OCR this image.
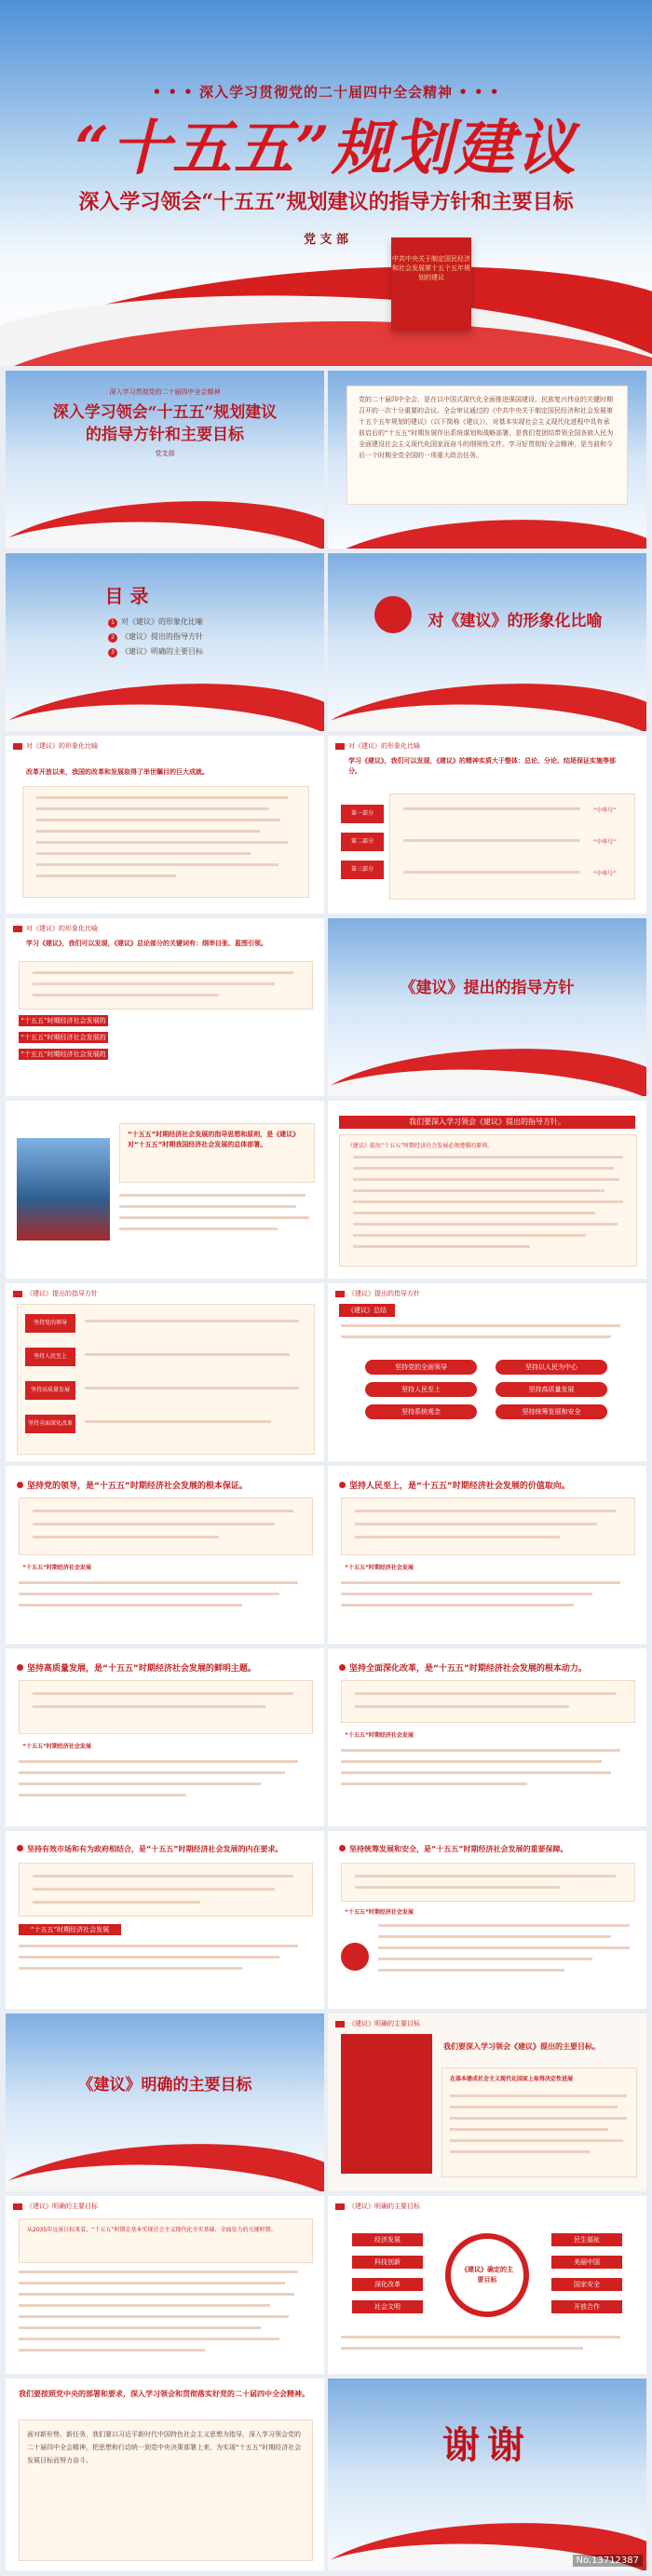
中共中央关于制定国民经济和社会发展第十五个五年规划的建议
• • • 深入学习贯彻党的二十届四中全会精神 • • •
“十五五”规划建议
深入学习领会“十五五”规划建议的指导方针和主要目标
党 支 部
深入学习贯彻党的二十届四中全会精神
深入学习领会“十五五”规划建议
的指导方针和主要目标
党支部
党的二十届四中全会，是在以中国式现代化全面推进强国建设、民族复兴伟业的关键时期召开的一次十分重要的会议。全会审议通过的《中共中央关于制定国民经济和社会发展第十五个五年规划的建议》（以下简称《建议》），对基本实现社会主义现代化进程中具有承前启后的“十五五”时期发展作出系统谋划和战略部署，是我们党团结带领全国各族人民为全面建设社会主义现代化国家而奋斗的纲领性文件。学习好贯彻好全会精神，是当前和今后一个时期全党全国的一项重大政治任务。
目 录
1 对《建议》的形象化比喻
2 《建议》提出的指导方针
3 《建议》明确的主要目标
对《建议》的形象化比喻
对《建议》的形象化比喻
改革开放以来，我国的改革和发展取得了举世瞩目的巨大成就。
对《建议》的形象化比喻
学习《建议》，我们可以发现，《建议》的精神实质大于整体：总论、分论、结尾保证实施等部分。
第一部分
第二部分
第三部分
“中华号”
“中华号”
“中华号”
对《建议》的形象化比喻
学习《建议》，我们可以发现，《建议》总论部分的关键词有：纲举目张、蓝图引领。
“十五五”时期经济社会发展的
“十五五”时期经济社会发展的
“十五五”时期经济社会发展的主要目标
《建议》提出的指导方针
“十五五”时期经济社会发展的指导思想和原则，是《建议》对“十五五”时期我国经济社会发展的总体部署。
我们要深入学习领会《建议》提出的指导方针。
《建议》提出“十五五”时期经济社会发展必须遵循的原则。
《建议》提出的指导方针
坚持党的领导
坚持人民至上
坚持高质量发展
坚持全面深化改革
《建议》提出的指导方针
《建议》总结
坚持党的全面领导	坚持以人民为中心
坚持人民至上	坚持高质量发展
坚持系统观念	坚持统筹发展和安全
坚持党的领导，是“十五五”时期经济社会发展的根本保证。
“十五五”时期经济社会发展
坚持人民至上，是“十五五”时期经济社会发展的价值取向。
“十五五”时期经济社会发展
坚持高质量发展，是“十五五”时期经济社会发展的鲜明主题。
“十五五”时期经济社会发展
坚持全面深化改革，是“十五五”时期经济社会发展的根本动力。
“十五五”时期经济社会发展
坚持有效市场和有为政府相结合，是“十五五”时期经济社会发展的内在要求。
“十五五”时期经济社会发展
坚持统筹发展和安全，是“十五五”时期经济社会发展的重要保障。
“十五五”时期经济社会发展
《建议》明确的主要目标
《建议》明确的主要目标
我们要深入学习领会《建议》提出的主要目标。
在基本建成社会主义现代化国家上取得决定性进展
《建议》明确的主要目标
从2035年远景目标来看，“十五五”时期是基本实现社会主义现代化夯实基础、全面发力的关键时期。
《建议》明确的主要目标
《建议》确定的主要目标
经济发展
科技创新
深化改革
社会文明
民生福祉
美丽中国
国家安全
开放合作
我们要按照党中央的部署和要求，深入学习领会和贯彻落实好党的二十届四中全会精神。
面对新形势、新任务，我们要以习近平新时代中国特色社会主义思想为指导，深入学习领会党的二十届四中全会精神，把思想和行动统一到党中央决策部署上来，为实现“十五五”时期经济社会发展目标而努力奋斗。	谢谢
No.13712387
